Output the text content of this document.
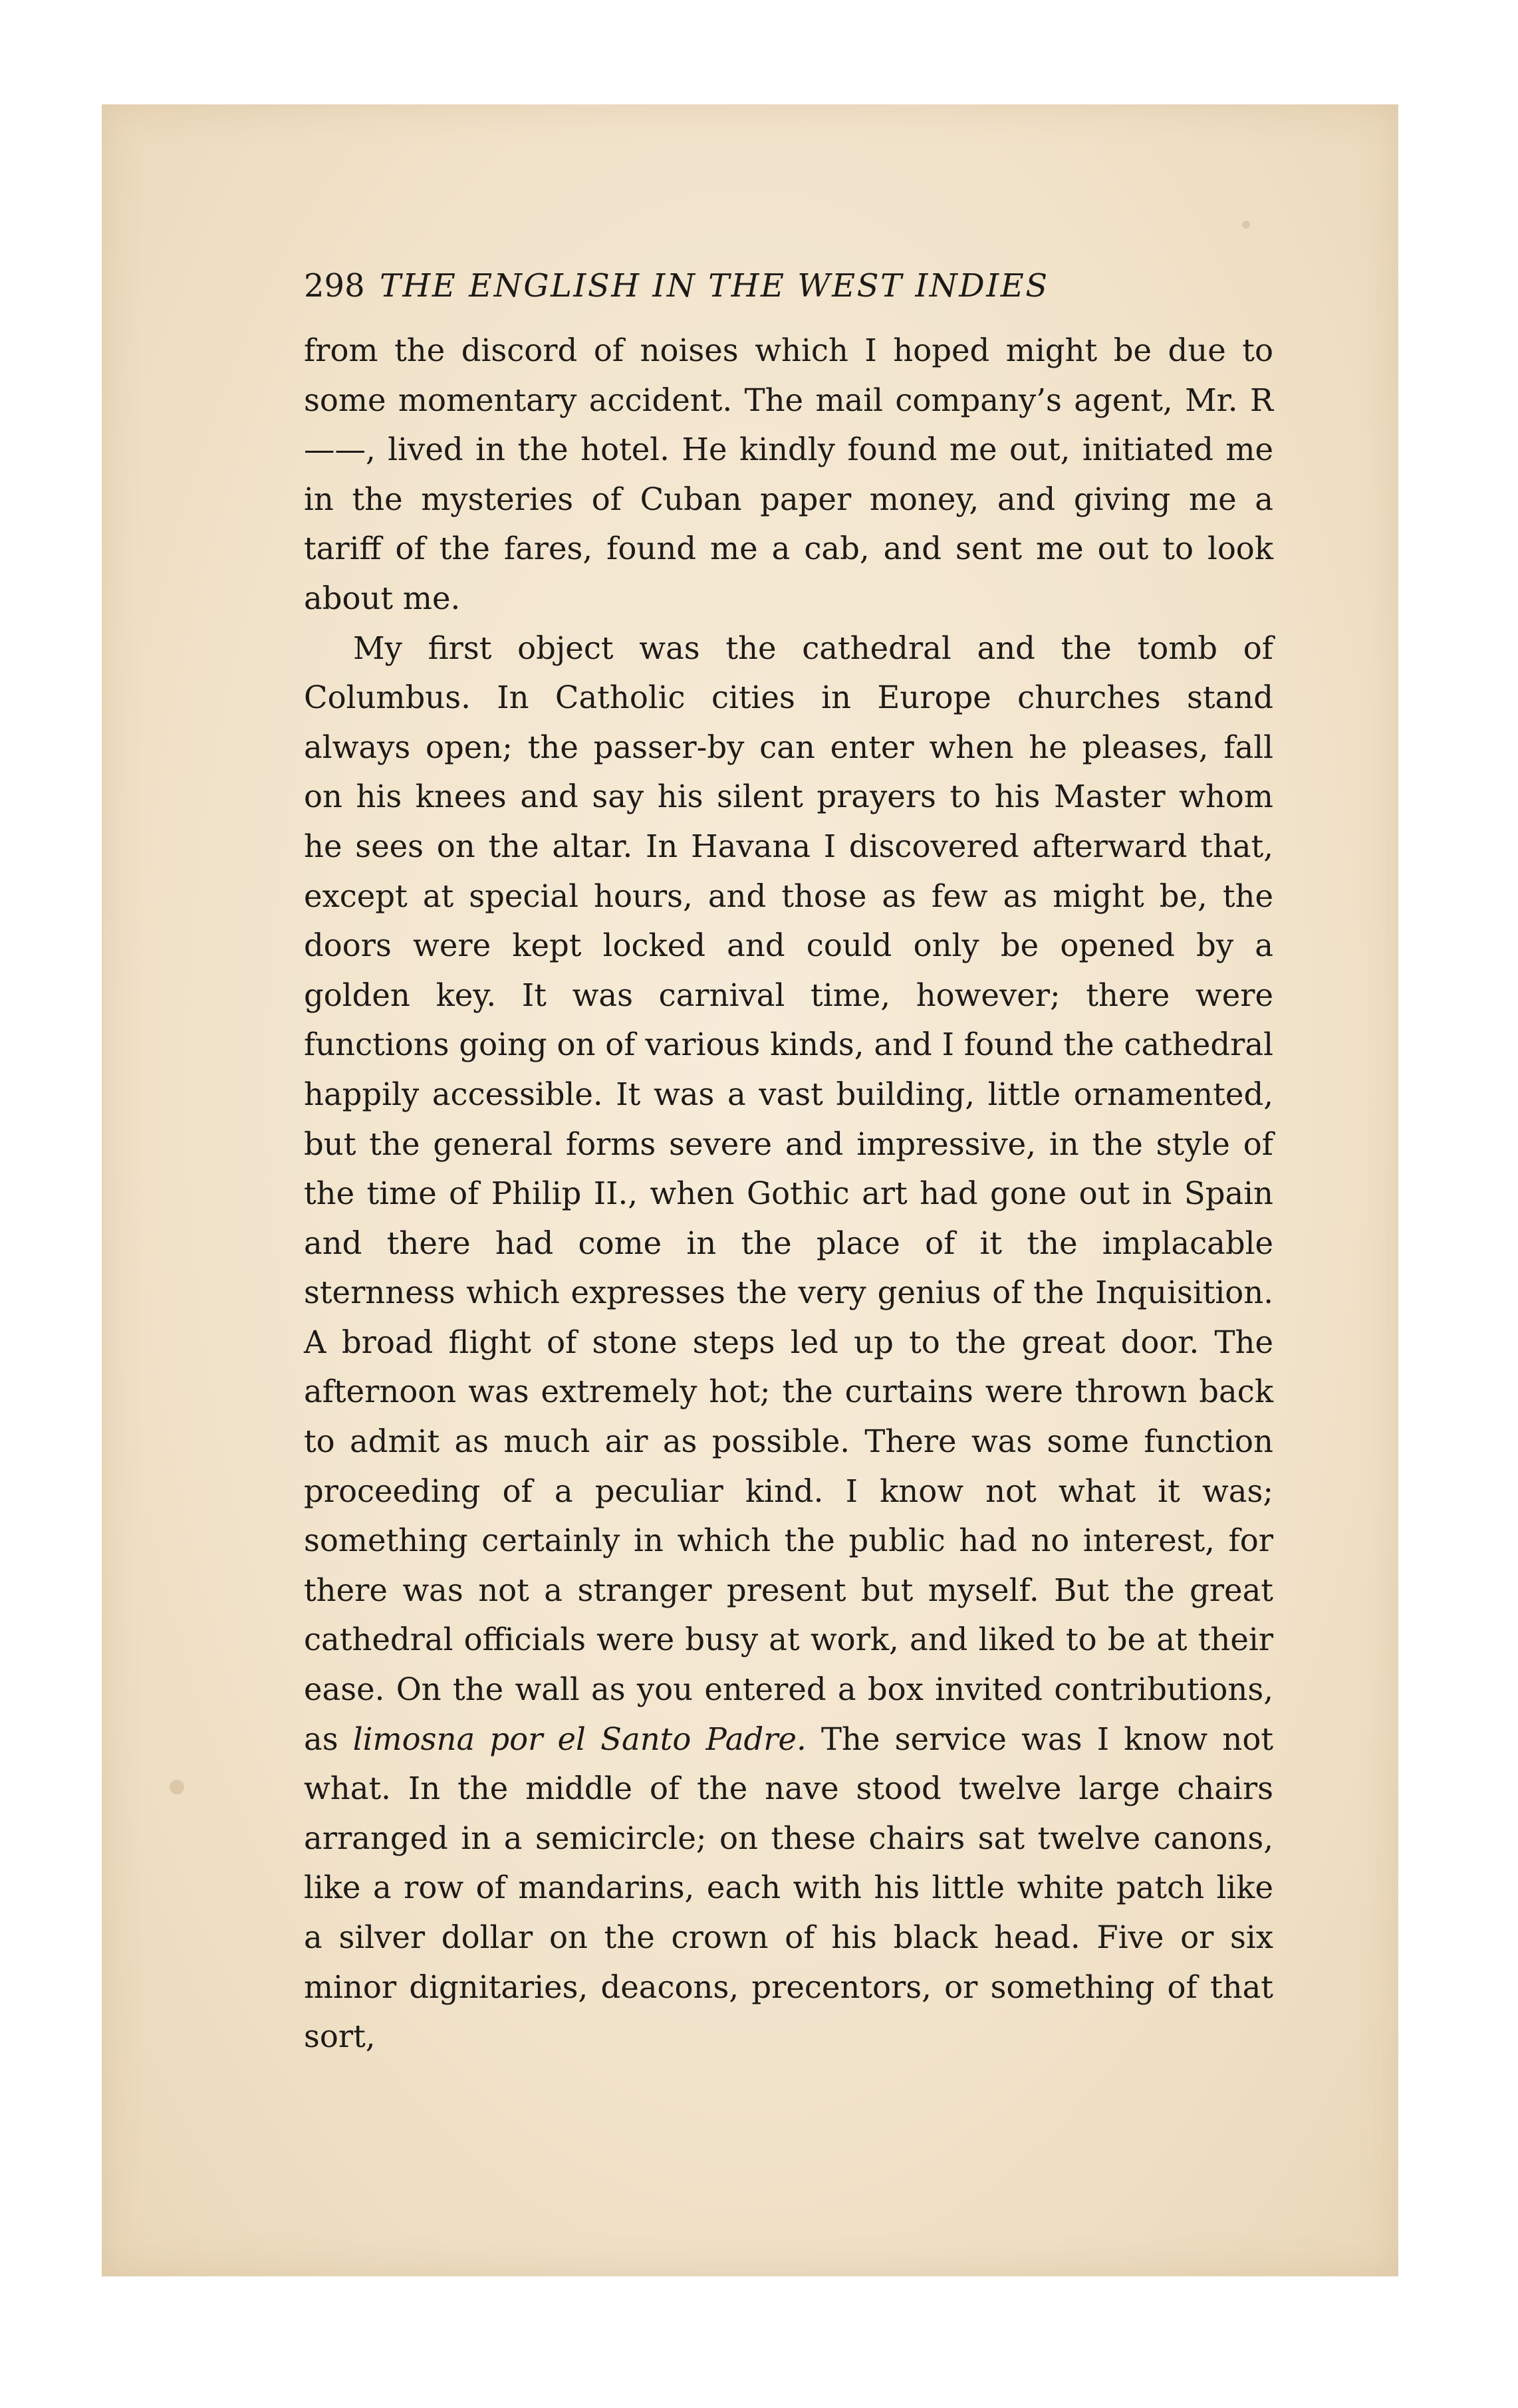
298 THE ENGLISH IN THE WEST INDIES

from the discord of noises which I hoped might be due to some momentary accident. The mail company’s agent, Mr. R——, lived in the hotel. He kindly found me out, initiated me in the mysteries of Cuban paper money, and giving me a tariff of the fares, found me a cab, and sent me out to look about me.

My first object was the cathedral and the tomb of Columbus. In Catholic cities in Europe churches stand always open; the passer-by can enter when he pleases, fall on his knees and say his silent prayers to his Master whom he sees on the altar. In Havana I discovered afterward that, except at special hours, and those as few as might be, the doors were kept locked and could only be opened by a golden key. It was carnival time, however; there were functions going on of various kinds, and I found the cathedral happily accessible. It was a vast building, little ornamented, but the general forms severe and impressive, in the style of the time of Philip II., when Gothic art had gone out in Spain and there had come in the place of it the implacable sternness which expresses the very genius of the Inquisition. A broad flight of stone steps led up to the great door. The afternoon was extremely hot; the curtains were thrown back to admit as much air as possible. There was some function proceeding of a peculiar kind. I know not what it was; something certainly in which the public had no interest, for there was not a stranger present but myself. But the great cathedral officials were busy at work, and liked to be at their ease. On the wall as you entered a box invited contributions, as limosna por el Santo Padre. The service was I know not what. In the middle of the nave stood twelve large chairs arranged in a semicircle; on these chairs sat twelve canons, like a row of mandarins, each with his little white patch like a silver dollar on the crown of his black head. Five or six minor dignitaries, deacons, precentors, or something of that sort,
